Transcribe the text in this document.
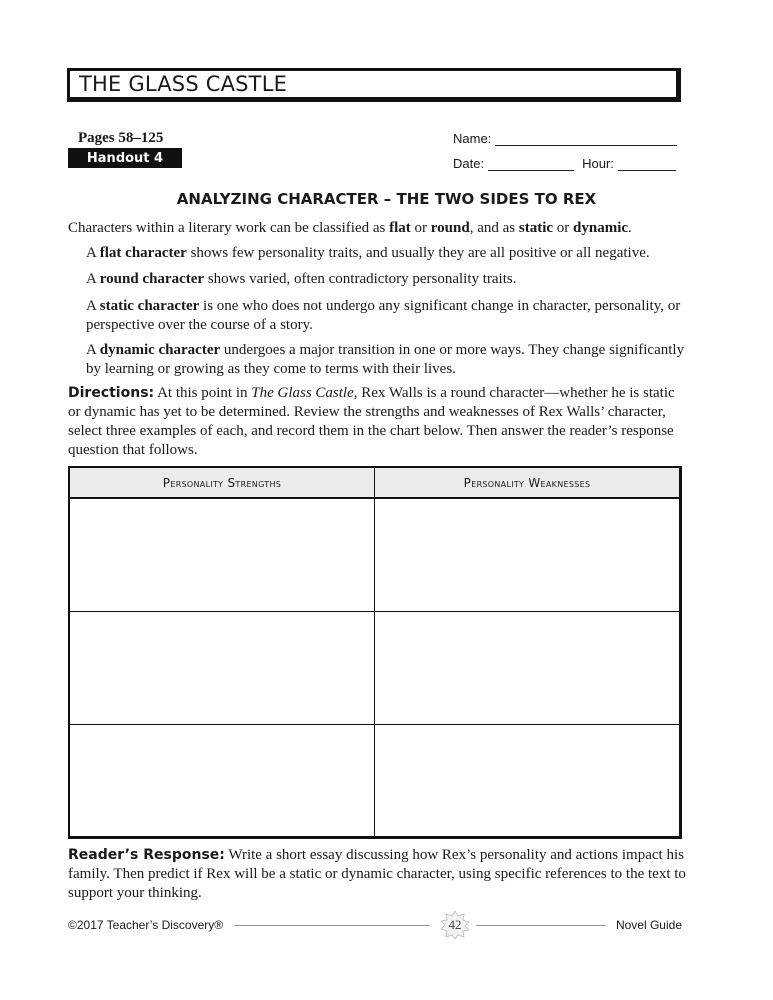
THE GLASS CASTLE
Pages 58–125
Handout 4
Name:
Date:	Hour:
ANALYZING CHARACTER – THE TWO SIDES TO REX
Characters within a literary work can be classified as flat or round, and as static or dynamic.
A flat character shows few personality traits, and usually they are all positive or all negative.
A round character shows varied, often contradictory personality traits.
A static character is one who does not undergo any significant change in character, personality, or perspective over the course of a story.
A dynamic character undergoes a major transition in one or more ways. They change significantly by learning or growing as they come to terms with their lives.
Directions: At this point in The Glass Castle, Rex Walls is a round character—whether he is static or dynamic has yet to be determined. Review the strengths and weaknesses of Rex Walls’ character, select three examples of each, and record them in the chart below. Then answer the reader’s response question that follows.
Personality Strengths	Personality Weaknesses
Reader’s Response: Write a short essay discussing how Rex’s personality and actions impact his family. Then predict if Rex will be a static or dynamic character, using specific references to the text to support your thinking.
©2017 Teacher’s Discovery®	42	Novel Guide
